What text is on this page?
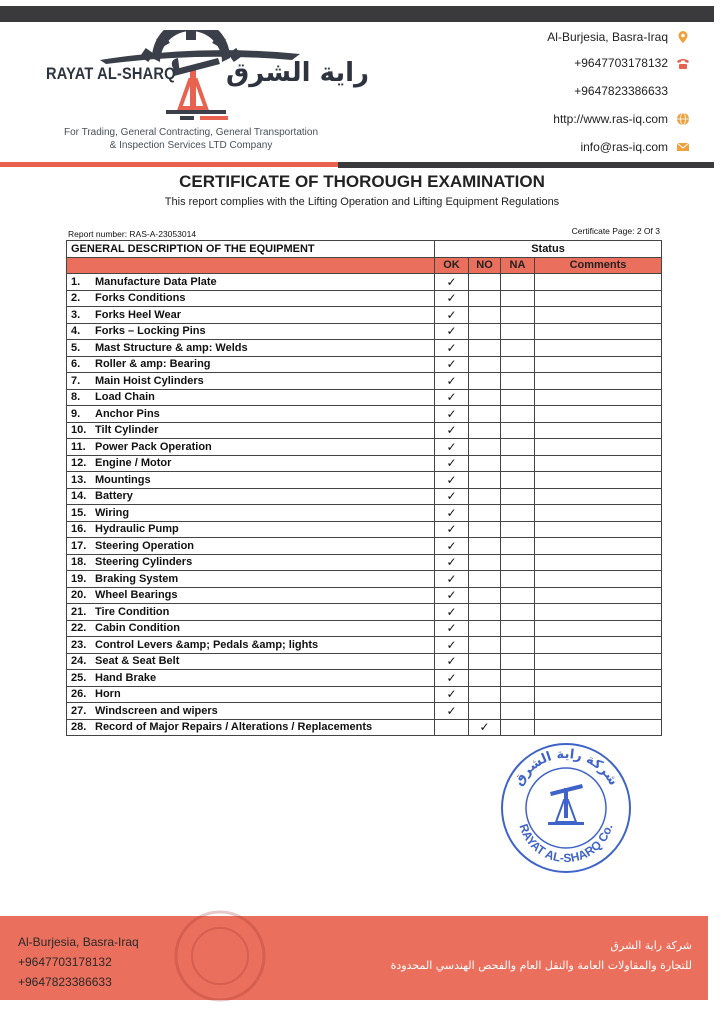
RAYAT AL-SHARQ راية الشرق
For Trading, General Contracting, General Transportation
& Inspection Services LTD Company
Al-Burjesia, Basra-Iraq
+9647703178132
+9647823386633
http://www.ras-iq.com
info@ras-iq.com
CERTIFICATE OF THOROUGH EXAMINATION
This report complies with the Lifting Operation and Lifting Equipment Regulations
Report number: RAS-A-23053014	Certificate Page: 2 Of 3
GENERAL DESCRIPTION OF THE EQUIPMENT	Status			
	OK	NO	NA	Comments
1. Manufacture Data Plate	✓			
2. Forks Conditions	✓			
3. Forks Heel Wear	✓			
4. Forks – Locking Pins	✓			
5. Mast Structure & amp: Welds	✓			
6. Roller & amp: Bearing	✓			
7. Main Hoist Cylinders	✓			
8. Load Chain	✓			
9. Anchor Pins	✓			
10. Tilt Cylinder	✓			
11. Power Pack Operation	✓			
12. Engine / Motor	✓			
13. Mountings	✓			
14. Battery	✓			
15. Wiring	✓			
16. Hydraulic Pump	✓			
17. Steering Operation	✓			
18. Steering Cylinders	✓			
19. Braking System	✓			
20. Wheel Bearings	✓			
21. Tire Condition	✓			
22. Cabin Condition	✓			
23. Control Levers &amp; Pedals &amp; lights	✓			
24. Seat & Seat Belt	✓			
25. Hand Brake	✓			
26. Horn	✓			
27. Windscreen and wipers	✓			
28. Record of Major Repairs / Alterations / Replacements		✓		
شركة راية الشرق
RAYAT AL-SHARQ Co.
Al-Burjesia, Basra-Iraq
+9647703178132
+9647823386633
شركة راية الشرق
للتجارة والمقاولات العامة والنقل العام والفحص الهندسي المحدودة
